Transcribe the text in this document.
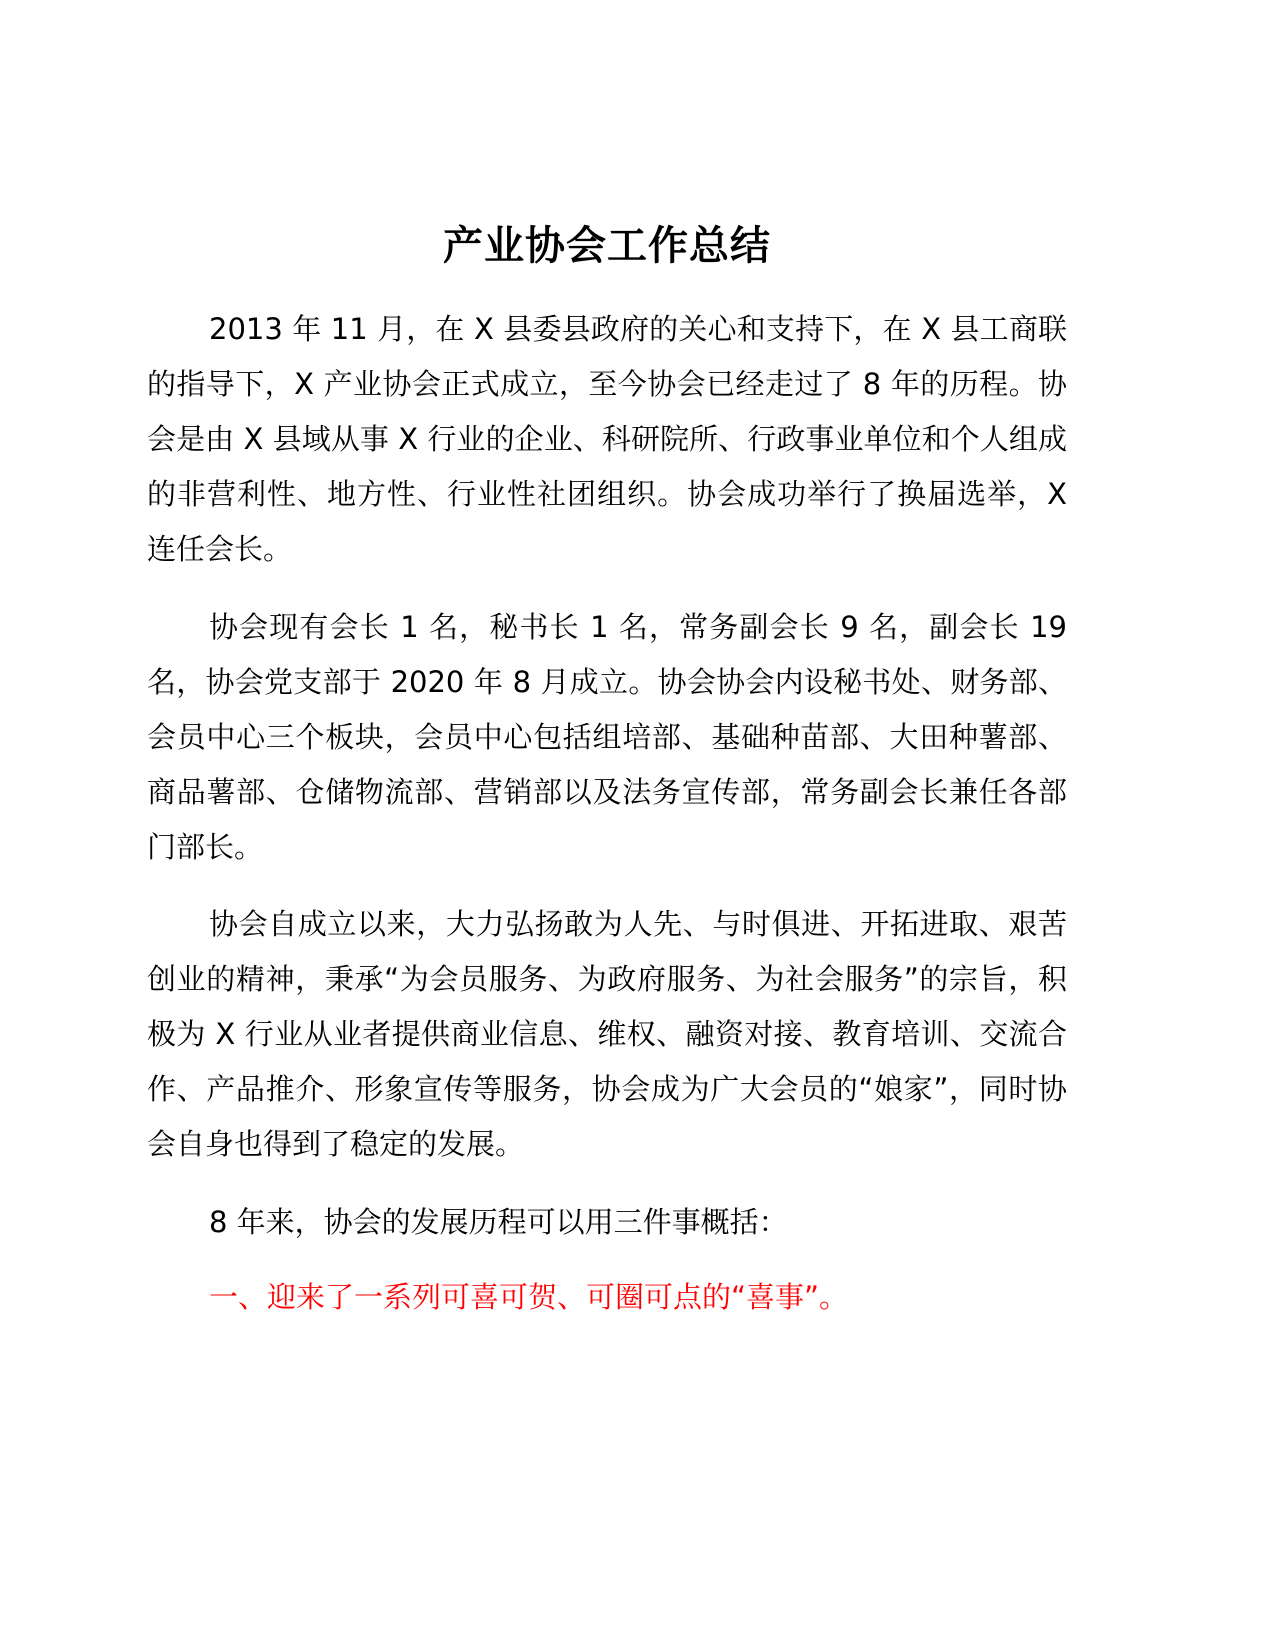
产业协会工作总结

2013 年 11 月，在 X 县委县政府的关心和支持下，在 X 县工商联的指导下，X 产业协会正式成立，至今协会已经走过了 8 年的历程。协会是由 X 县域从事 X 行业的企业、科研院所、行政事业单位和个人组成的非营利性、地方性、行业性社团组织。协会成功举行了换届选举，X 连任会长。

协会现有会长 1 名，秘书长 1 名，常务副会长 9 名，副会长 19 名，协会党支部于 2020 年 8 月成立。协会协会内设秘书处、财务部、会员中心三个板块，会员中心包括组培部、基础种苗部、大田种薯部、商品薯部、仓储物流部、营销部以及法务宣传部，常务副会长兼任各部门部长。

协会自成立以来，大力弘扬敢为人先、与时俱进、开拓进取、艰苦创业的精神，秉承“为会员服务、为政府服务、为社会服务”的宗旨，积极为 X 行业从业者提供商业信息、维权、融资对接、教育培训、交流合作、产品推介、形象宣传等服务，协会成为广大会员的“娘家”，同时协会自身也得到了稳定的发展。

8 年来，协会的发展历程可以用三件事概括：

一、迎来了一系列可喜可贺、可圈可点的“喜事”。
